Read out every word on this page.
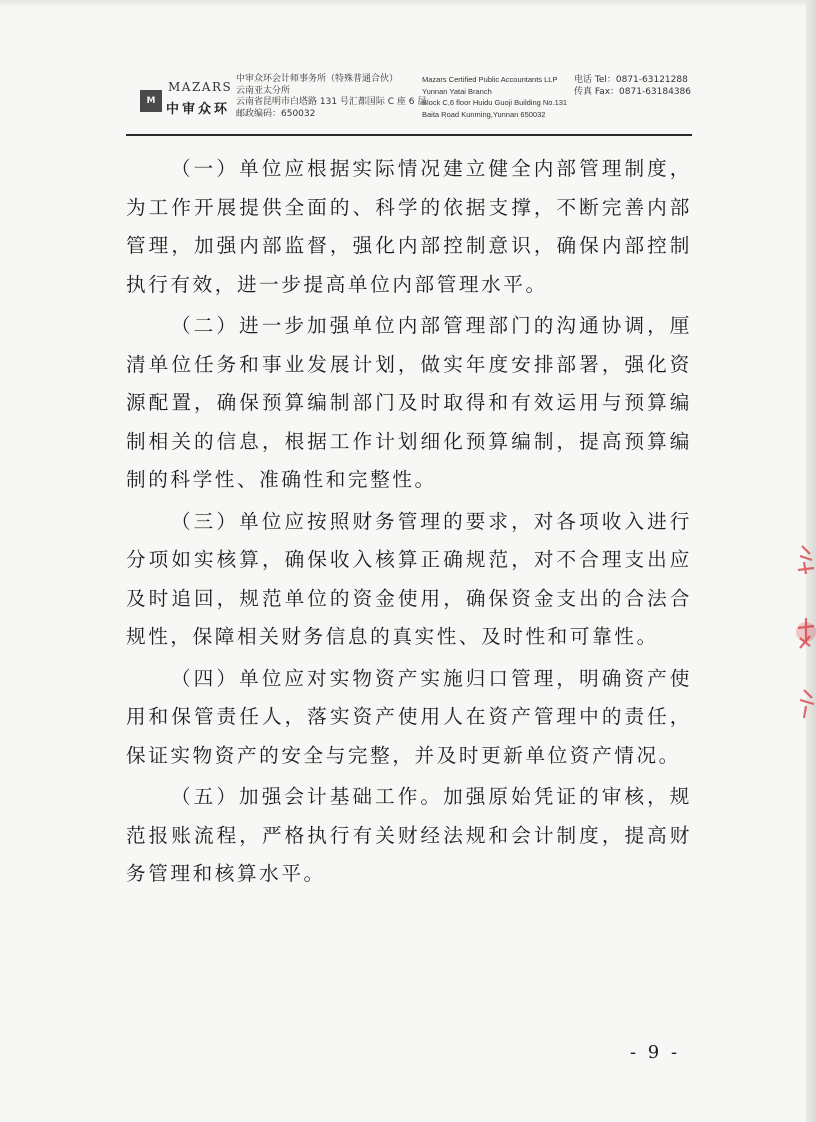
M
MAZARS
中审众环
中审众环会计师事务所（特殊普通合伙）
云南亚太分所
云南省昆明市白塔路 131 号汇都国际 C 座 6 层
邮政编码：650032
Mazars Certified Public Accountants LLP
Yunnan Yatai Branch
Block C,6 floor Huidu Guoji Building No.131
Baita Road Kunming,Yunnan 650032
电话 Tel：0871-63121288
传真 Fax：0871-63184386

（一）单位应根据实际情况建立健全内部管理制度，为工作开展提供全面的、科学的依据支撑，不断完善内部管理，加强内部监督，强化内部控制意识，确保内部控制执行有效，进一步提高单位内部管理水平。

（二）进一步加强单位内部管理部门的沟通协调，厘清单位任务和事业发展计划，做实年度安排部署，强化资源配置，确保预算编制部门及时取得和有效运用与预算编制相关的信息，根据工作计划细化预算编制，提高预算编制的科学性、准确性和完整性。

（三）单位应按照财务管理的要求，对各项收入进行分项如实核算，确保收入核算正确规范，对不合理支出应及时追回，规范单位的资金使用，确保资金支出的合法合规性，保障相关财务信息的真实性、及时性和可靠性。

（四）单位应对实物资产实施归口管理，明确资产使用和保管责任人，落实资产使用人在资产管理中的责任，保证实物资产的安全与完整，并及时更新单位资产情况。

（五）加强会计基础工作。加强原始凭证的审核，规范报账流程，严格执行有关财经法规和会计制度，提高财务管理和核算水平。

- 9 -
